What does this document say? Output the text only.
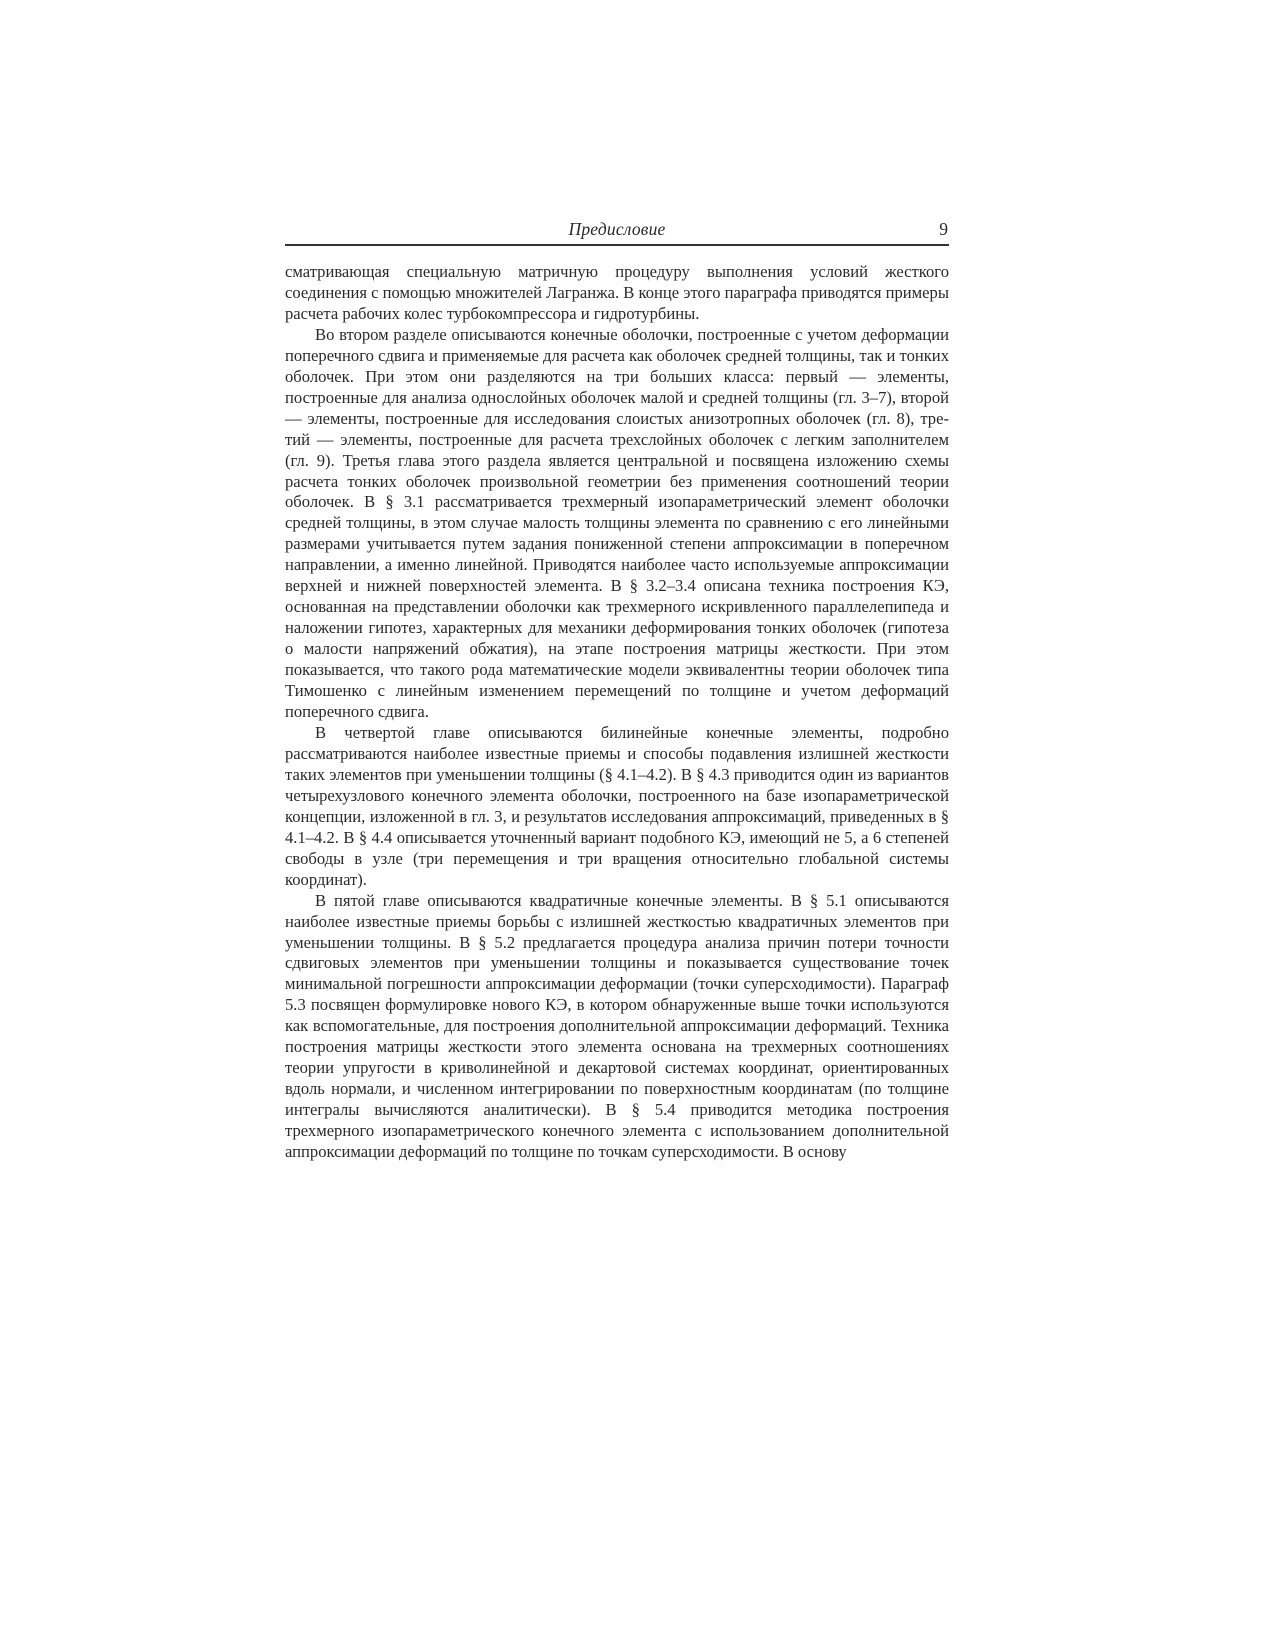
Предисловие	9

сматривающая специальную матричную процедуру выполнения условий жесткого соединения с помощью множителей Лагранжа. В конце этого параграфа приводятся примеры расчета рабочих колес турбокомпрессора и гидротурбины.

Во втором разделе описываются конечные оболочки, построенные с учетом деформации поперечного сдвига и применяемые для расчета как оболочек средней толщины, так и тонких оболочек. При этом они разделяются на три больших класса: первый — элементы, построенные для анализа однослойных оболочек малой и средней толщины (гл. 3–7), второй — элементы, построенные для исследования слоистых анизотропных оболочек (гл. 8), третий — элементы, построенные для расчета трехслойных оболочек с легким заполнителем (гл. 9). Третья глава этого раздела является центральной и посвящена изложению схемы расчета тонких оболочек произвольной геометрии без применения соотношений теории оболочек. В § 3.1 рассматривается трехмерный изопараметрический элемент оболочки средней толщины, в этом случае малость толщины элемента по сравнению с его линейными размерами учитывается путем задания пониженной степени аппроксимации в поперечном направлении, а именно линейной. Приводятся наиболее часто используемые аппроксимации верхней и нижней поверхностей элемента. В § 3.2–3.4 описана техника построения КЭ, основанная на представлении оболочки как трехмерного искривленного параллелепипеда и наложении гипотез, характерных для механики деформирования тонких оболочек (гипотеза о малости напряжений обжатия), на этапе построения матрицы жесткости. При этом показывается, что такого рода математические модели эквивалентны теории оболочек типа Тимошенко с линейным изменением перемещений по толщине и учетом деформаций поперечного сдвига.

В четвертой главе описываются билинейные конечные элементы, подробно рассматриваются наиболее известные приемы и способы подавления излишней жесткости таких элементов при уменьшении толщины (§ 4.1–4.2). В § 4.3 приводится один из вариантов четырехузлового конечного элемента оболочки, построенного на базе изопараметрической концепции, изложенной в гл. 3, и результатов исследования аппроксимаций, приведенных в § 4.1–4.2. В § 4.4 описывается уточненный вариант подобного КЭ, имеющий не 5, а 6 степеней свободы в узле (три перемещения и три вращения относительно глобальной системы координат).

В пятой главе описываются квадратичные конечные элементы. В § 5.1 описываются наиболее известные приемы борьбы с излишней жесткостью квадратичных элементов при уменьшении толщины. В § 5.2 предлагается процедура анализа причин потери точности сдвиговых элементов при уменьшении толщины и показывается существование точек минимальной погрешности аппроксимации деформации (точки суперсходимости). Параграф 5.3 посвящен формулировке нового КЭ, в котором обнаруженные выше точки используются как вспомогательные, для построения дополнительной аппроксимации деформаций. Техника построения матрицы жесткости этого элемента основана на трехмерных соотношениях теории упругости в криволинейной и декартовой системах координат, ориентированных вдоль нормали, и численном интегрировании по поверхностным координатам (по толщине интегралы вычисляются аналитически). В § 5.4 приводится методика построения трехмерного изопараметрического конечного элемента с использованием дополнительной аппроксимации деформаций по толщине по точкам суперсходимости. В основу
